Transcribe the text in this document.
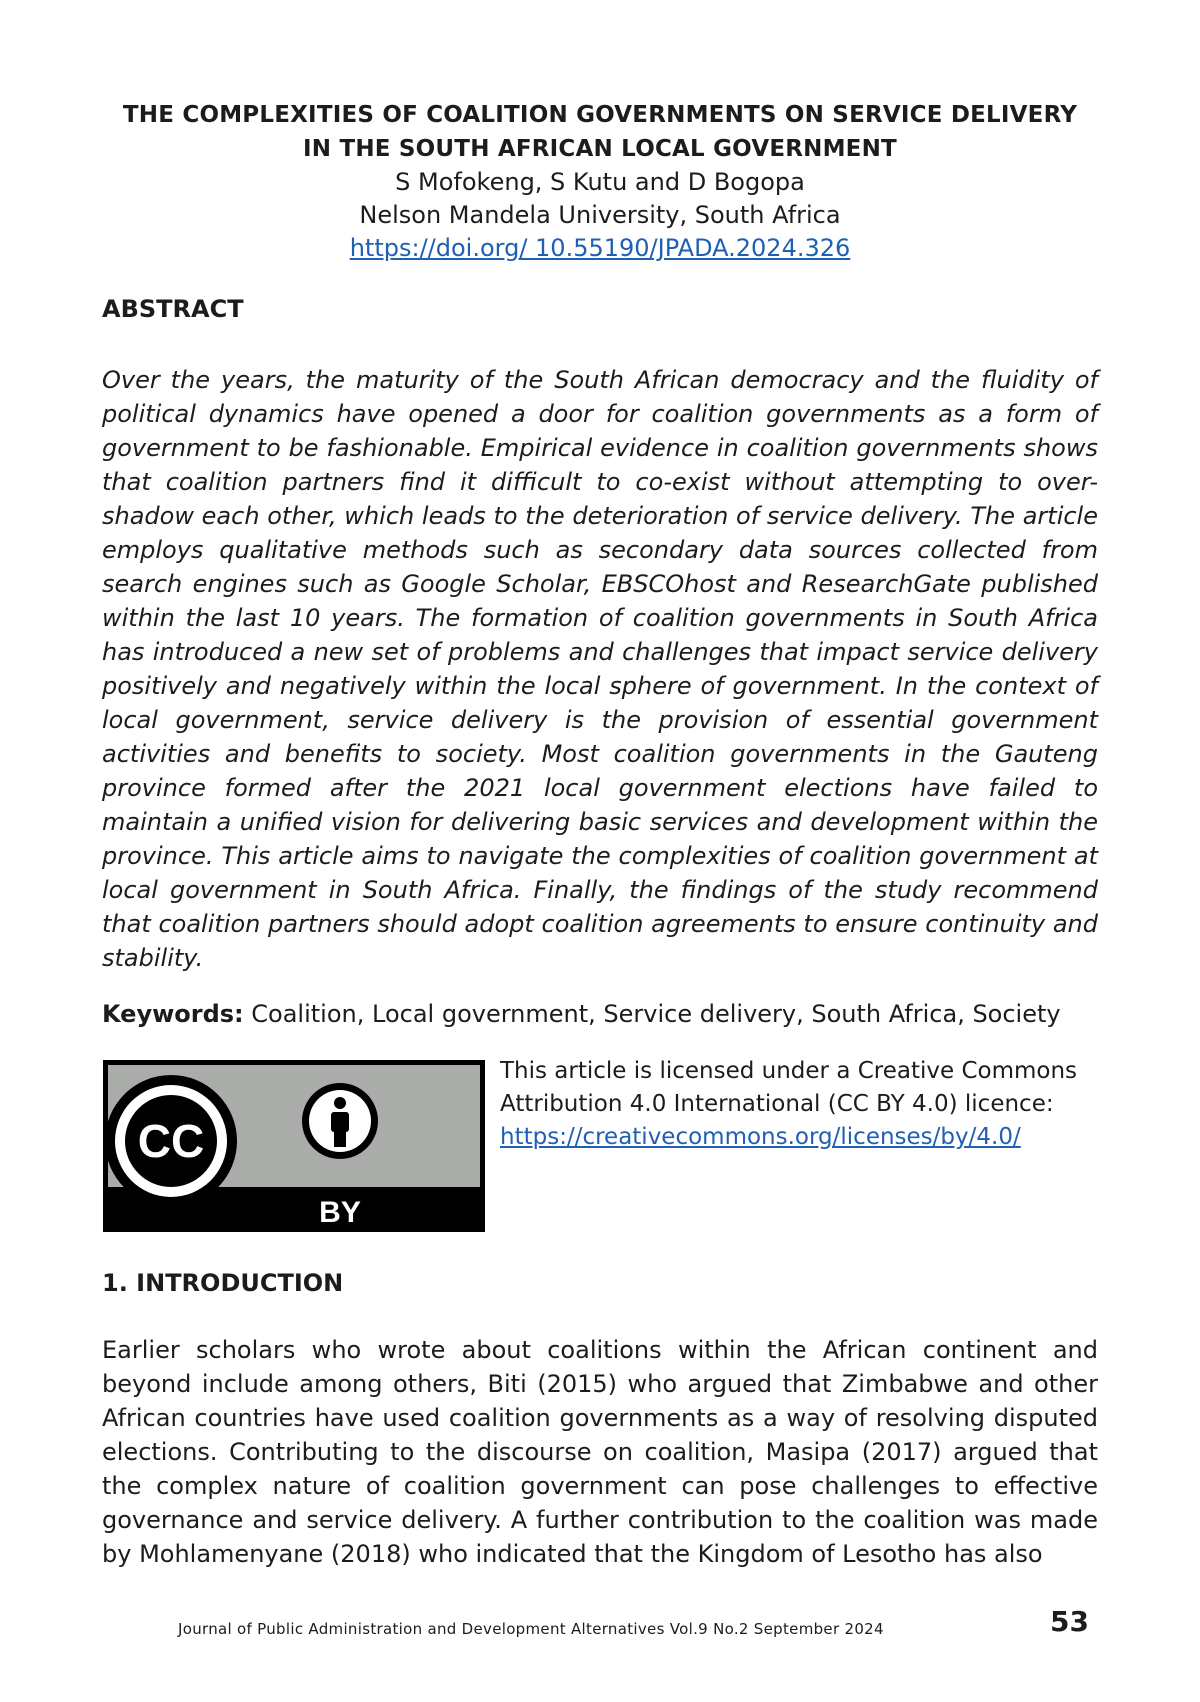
THE COMPLEXITIES OF COALITION GOVERNMENTS ON SERVICE DELIVERY
IN THE SOUTH AFRICAN LOCAL GOVERNMENT

S Mofokeng, S Kutu and D Bogopa

Nelson Mandela University, South Africa

https://doi.org/ 10.55190/JPADA.2024.326

ABSTRACT

Over the years, the maturity of the South African democracy and the fluidity of political dynamics have opened a door for coalition governments as a form of government to be fashionable. Empirical evidence in coalition governments shows that coalition partners find it difficult to co-exist without attempting to over-shadow each other, which leads to the deterioration of service delivery. The article employs qualitative methods such as secondary data sources collected from search engines such as Google Scholar, EBSCOhost and ResearchGate published within the last 10 years. The formation of coalition governments in South Africa has introduced a new set of problems and challenges that impact service delivery positively and negatively within the local sphere of government. In the context of local government, service delivery is the provision of essential government activities and benefits to society. Most coalition governments in the Gauteng province formed after the 2021 local government elections have failed to maintain a unified vision for delivering basic services and development within the province. This article aims to navigate the complexities of coalition government at local government in South Africa. Finally, the findings of the study recommend that coalition partners should adopt coalition agreements to ensure continuity and stability.

Keywords: Coalition, Local government, Service delivery, South Africa, Society

CC
BY
This article is licensed under a Creative Commons Attribution 4.0 International (CC BY 4.0) licence:
https://creativecommons.org/licenses/by/4.0/

1. INTRODUCTION

Earlier scholars who wrote about coalitions within the African continent and beyond include among others, Biti (2015) who argued that Zimbabwe and other African countries have used coalition governments as a way of resolving disputed elections. Contributing to the discourse on coalition, Masipa (2017) argued that the complex nature of coalition government can pose challenges to effective governance and service delivery. A further contribution to the coalition was made by Mohlamenyane (2018) who indicated that the Kingdom of Lesotho has also

Journal of Public Administration and Development Alternatives Vol.9 No.2 September 2024	53
